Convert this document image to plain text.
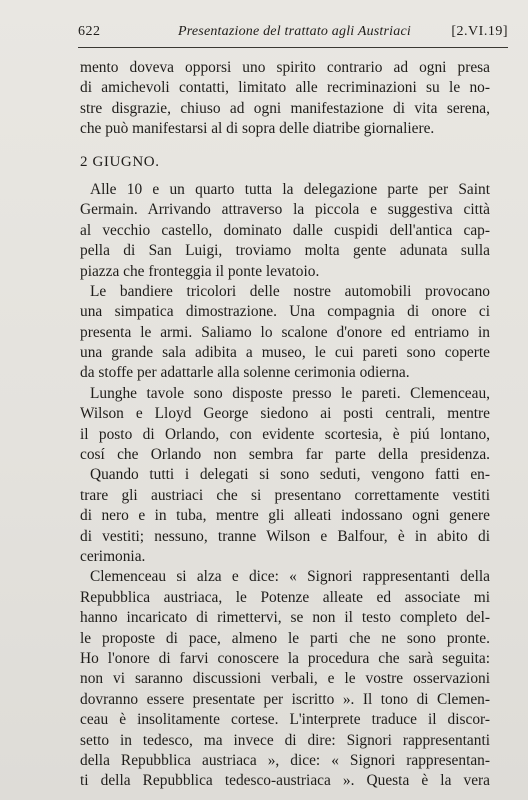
622	Presentazione del trattato agli Austriaci	[2.VI.19]
mento doveva opporsi uno spirito contrario ad ogni presa
di amichevoli contatti, limitato alle recriminazioni su le no-
stre disgrazie, chiuso ad ogni manifestazione di vita serena,
che può manifestarsi al di sopra delle diatribe giornaliere.
2 GIUGNO.
Alle 10 e un quarto tutta la delegazione parte per Saint
Germain. Arrivando attraverso la piccola e suggestiva città
al vecchio castello, dominato dalle cuspidi dell'antica cap-
pella di San Luigi, troviamo molta gente adunata sulla
piazza che fronteggia il ponte levatoio.
Le bandiere tricolori delle nostre automobili provocano
una simpatica dimostrazione. Una compagnia di onore ci
presenta le armi. Saliamo lo scalone d'onore ed entriamo in
una grande sala adibita a museo, le cui pareti sono coperte
da stoffe per adattarle alla solenne cerimonia odierna.
Lunghe tavole sono disposte presso le pareti. Clemenceau,
Wilson e Lloyd George siedono ai posti centrali, mentre
il posto di Orlando, con evidente scortesia, è piú lontano,
cosí che Orlando non sembra far parte della presidenza.
Quando tutti i delegati si sono seduti, vengono fatti en-
trare gli austriaci che si presentano correttamente vestiti
di nero e in tuba, mentre gli alleati indossano ogni genere
di vestiti; nessuno, tranne Wilson e Balfour, è in abito di
cerimonia.
Clemenceau si alza e dice: « Signori rappresentanti della
Repubblica austriaca, le Potenze alleate ed associate mi
hanno incaricato di rimettervi, se non il testo completo del-
le proposte di pace, almeno le parti che ne sono pronte.
Ho l'onore di farvi conoscere la procedura che sarà seguita:
non vi saranno discussioni verbali, e le vostre osservazioni
dovranno essere presentate per iscritto ». Il tono di Clemen-
ceau è insolitamente cortese. L'interprete traduce il discor-
setto in tedesco, ma invece di dire: Signori rappresentanti
della Repubblica austriaca », dice: « Signori rappresentan-
ti della Repubblica tedesco-austriaca ». Questa è la vera
